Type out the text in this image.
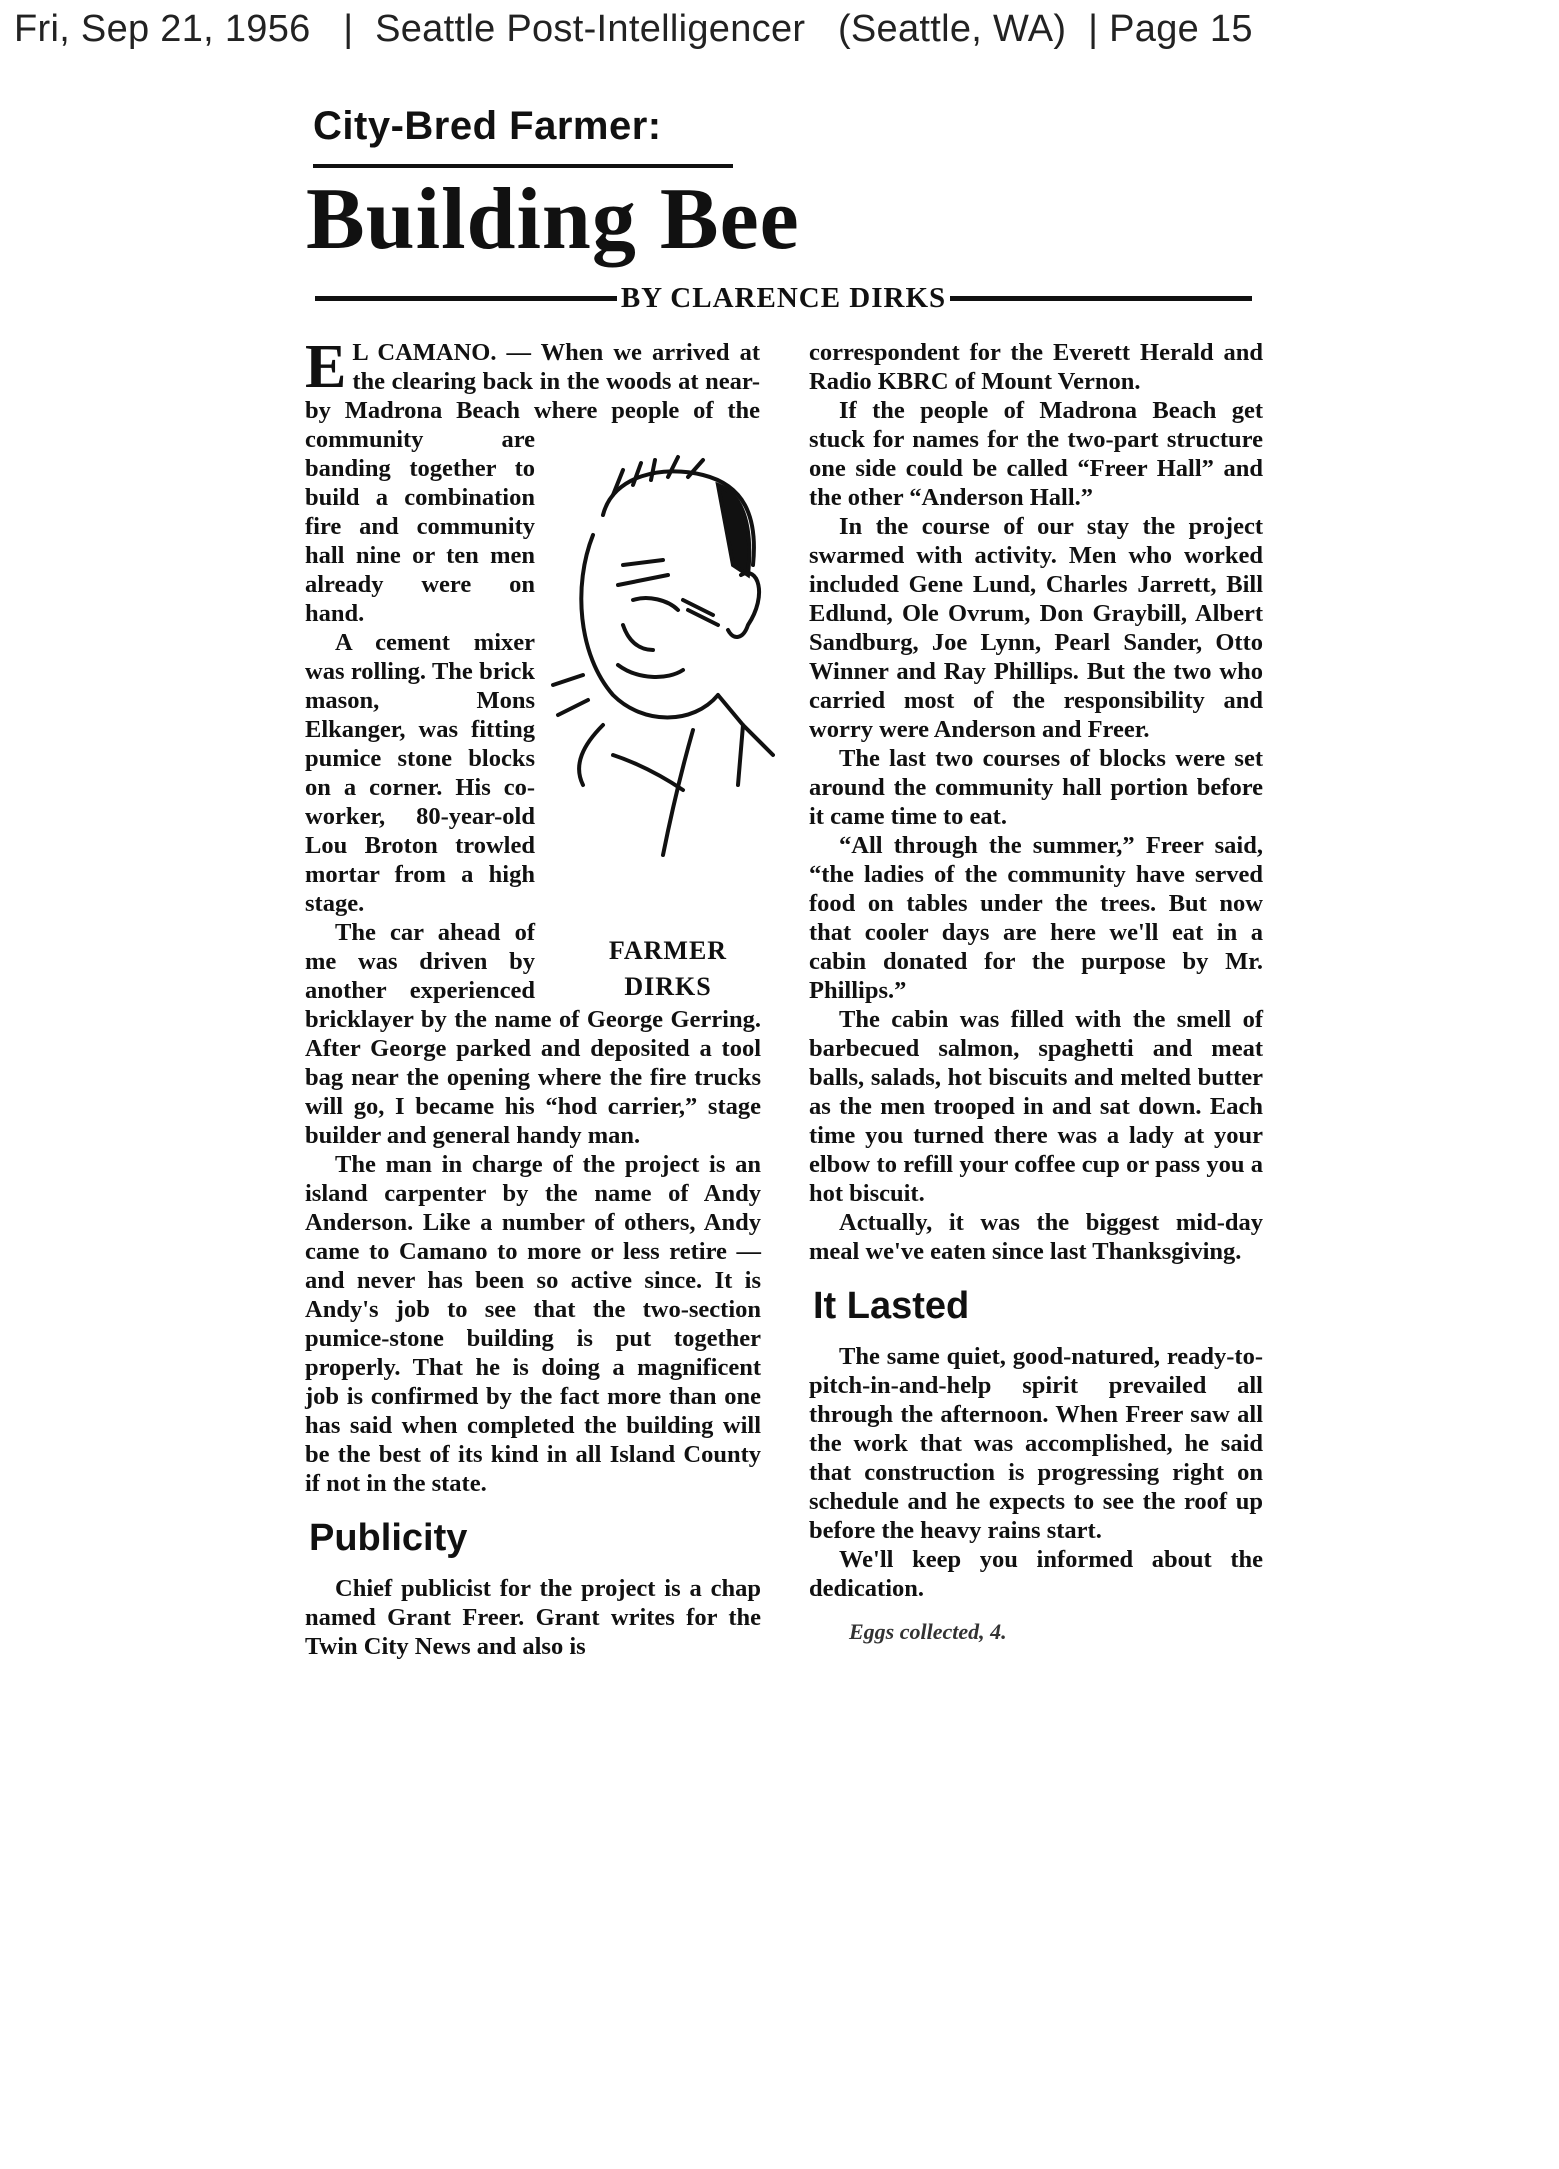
Fri, Sep 21, 1956 | Seattle Post-Intelligencer (Seattle, WA) | Page 15
City-Bred Farmer:
Building Bee
BY CLARENCE DIRKS
E
FARMER
DIRKS

L CAMANO. — When we arrived at the clearing back in the woods at near-by Madrona Beach where people of the community are banding together to build a combination fire and community hall nine or ten men already were on hand.

A cement mixer was rolling. The brick mason, Mons Elkanger, was fitting pumice stone blocks on a corner. His co-worker, 80-year-old Lou Broton trowled mortar from a high stage.

The car ahead of me was driven by another experienced bricklayer by the name of George Gerring. After George parked and deposited a tool bag near the opening where the fire trucks will go, I became his “hod carrier,” stage builder and general handy man.

The man in charge of the project is an island carpenter by the name of Andy Anderson. Like a number of others, Andy came to Camano to more or less retire —and never has been so active since. It is Andy's job to see that the two-section pumice-stone building is put together properly. That he is doing a magnificent job is confirmed by the fact more than one has said when completed the building will be the best of its kind in all Island County if not in the state.

Publicity

Chief publicist for the project is a chap named Grant Freer. Grant writes for the Twin City News and also is

correspondent for the Everett Herald and Radio KBRC of Mount Vernon.

If the people of Madrona Beach get stuck for names for the two-part structure one side could be called “Freer Hall” and the other “Anderson Hall.”

In the course of our stay the project swarmed with activity. Men who worked included Gene Lund, Charles Jarrett, Bill Edlund, Ole Ovrum, Don Graybill, Albert Sandburg, Joe Lynn, Pearl Sander, Otto Winner and Ray Phillips. But the two who carried most of the responsibility and worry were Anderson and Freer.

The last two courses of blocks were set around the community hall portion before it came time to eat.

“All through the summer,” Freer said, “the ladies of the community have served food on tables under the trees. But now that cooler days are here we'll eat in a cabin donated for the purpose by Mr. Phillips.”

The cabin was filled with the smell of barbecued salmon, spaghetti and meat balls, salads, hot biscuits and melted butter as the men trooped in and sat down. Each time you turned there was a lady at your elbow to refill your coffee cup or pass you a hot biscuit.

Actually, it was the biggest mid-day meal we've eaten since last Thanksgiving.

It Lasted

The same quiet, good-natured, ready-to-pitch-in-and-help spirit prevailed all through the afternoon. When Freer saw all the work that was accomplished, he said that construction is progressing right on schedule and he expects to see the roof up before the heavy rains start.

We'll keep you informed about the dedication.

Eggs collected, 4.
